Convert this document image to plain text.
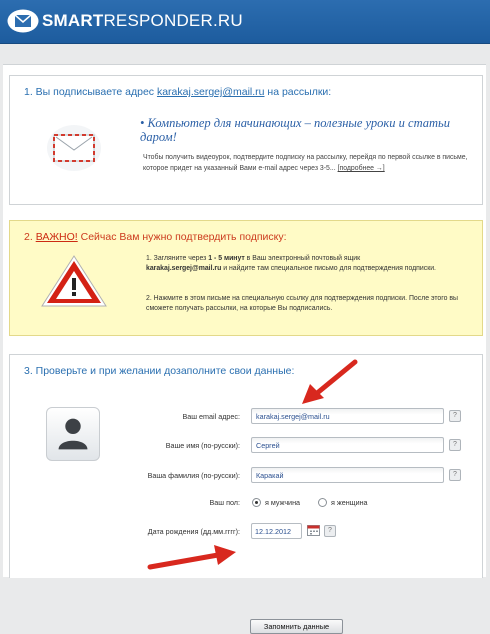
SMARTRESPONDER.RU
1. Вы подписываете адрес karakaj.sergej@mail.ru на рассылки:
• Компьютер для начинающих – полезные уроки и статьи даром!
Чтобы получить видеоурок, подтвердите подписку на рассылку, перейдя по первой ссылке в письме, которое придет на указанный Вами e-mail адрес через 3-5... [подробнее →]
2. ВАЖНО! Сейчас Вам нужно подтвердить подписку:
1. Загляните через 1 - 5 минут в Ваш электронный почтовый ящик
karakaj.sergej@mail.ru и найдите там специальное письмо для подтверждения подписки.
2. Нажмите в этом письме на специальную ссылку для подтверждения подписки. После этого вы сможете получать рассылки, на которые Вы подписались.
3. Проверьте и при желании дозаполните свои данные:
Ваш email адрес:	karakaj.sergej@mail.ru	?
Ваше имя (по-русски):	Сергей	?
Ваша фамилия (по-русски):	Каракай	?
Ваш пол:	я мужчина	я женщина
Дата рождения (дд.мм.гггг):	12.12.2012	?
Запомнить данные
